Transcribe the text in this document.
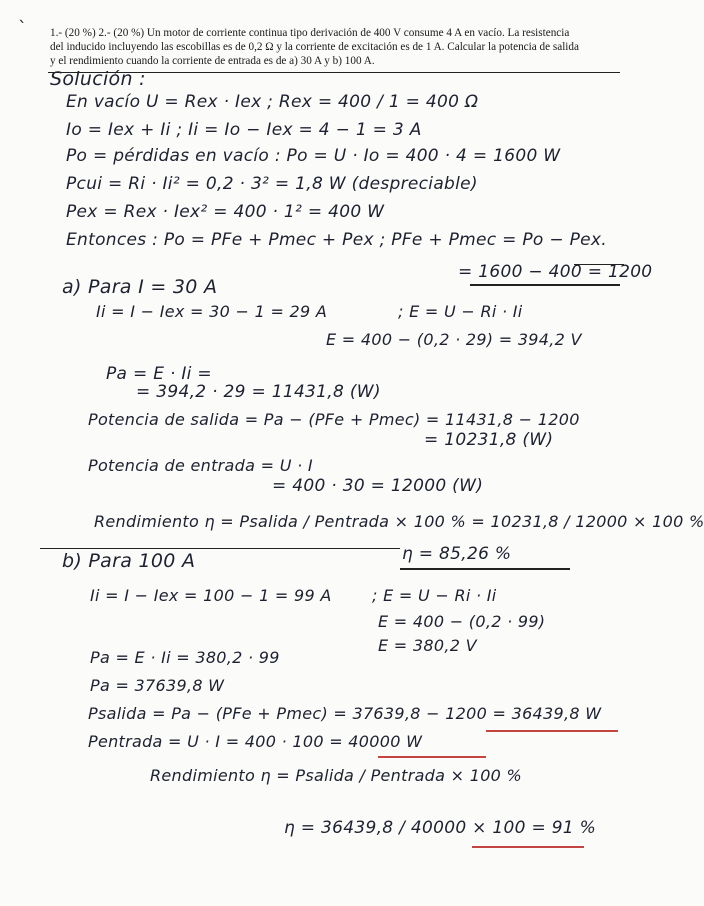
ˋ 1.- (20 %) 2.- (20 %) Un motor de corriente continua tipo derivación de 400 V consume 4 A en vacío. La resistencia
del inducido incluyendo las escobillas es de 0,2 Ω y la corriente de excitación es de 1 A. Calcular la potencia de salida
y el rendimiento cuando la corriente de entrada es de a) 30 A y b) 100 A.
Solución :
En vacío U = Rex · Iex ; Rex = 400 / 1 = 400 Ω
Io = Iex + Ii ; Ii = Io − Iex = 4 − 1 = 3 A
Po = pérdidas en vacío : Po = U · Io = 400 · 4 = 1600 W
Pcui = Ri · Ii² = 0,2 · 3² = 1,8 W (despreciable)
Pex = Rex · Iex² = 400 · 1² = 400 W
Entonces : Po = PFe + Pmec + Pex ; PFe + Pmec = Po − Pex.
= 1600 − 400 = 1200
a) Para I = 30 A
Ii = I − Iex = 30 − 1 = 29 A	; E = U − Ri · Ii
E = 400 − (0,2 · 29) = 394,2 V
Pa = E · Ii =
= 394,2 · 29 = 11431,8 (W)
Potencia de salida = Pa − (PFe + Pmec) = 11431,8 − 1200
= 10231,8 (W)
Potencia de entrada = U · I
= 400 · 30 = 12000 (W)
Rendimiento η = Psalida / Pentrada × 100 % = 10231,8 / 12000 × 100 %
η = 85,26 %
b) Para 100 A
Ii = I − Iex = 100 − 1 = 99 A	; E = U − Ri · Ii
E = 400 − (0,2 · 99)
E = 380,2 V
Pa = E · Ii = 380,2 · 99
Pa = 37639,8 W
Psalida = Pa − (PFe + Pmec) = 37639,8 − 1200 = 36439,8 W
Pentrada = U · I = 400 · 100 = 40000 W
Rendimiento η = Psalida / Pentrada × 100 %
η = 36439,8 / 40000 × 100 = 91 %
